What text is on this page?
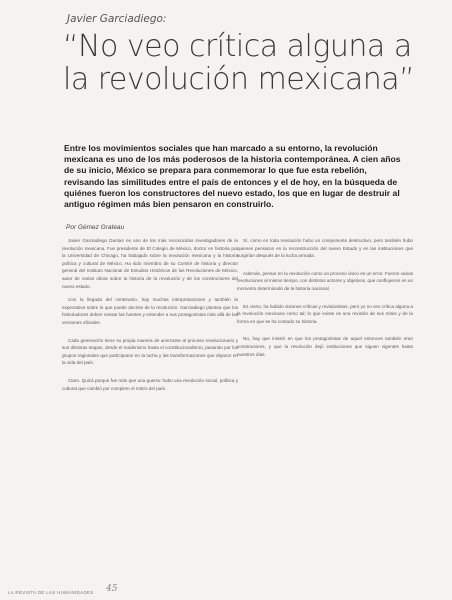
Javier Garciadiego:
“No veo crítica alguna a la revolución mexicana”

Entre los movimientos sociales que han marcado a su entorno, la revolución mexicana es uno de los más poderosos de la historia contemporánea. A cien años de su inicio, México se prepara para conmemorar lo que fue esta rebelión, revisando las similitudes entre el país de entonces y el de hoy, en la búsqueda de quiénes fueron los constructores del nuevo estado, los que en lugar de destruir al antiguo régimen más bien pensaron en construirlo.

Por Gémez Grateau

Javier Garciadiego Dantan es uno de los más reconocidos investigadores de la revolución mexicana. Fue presidente de El Colegio de México, doctor en historia por la Universidad de Chicago, ha trabajado sobre la revolución mexicana y la historia política y cultural de México. Ha sido miembro de su Comité de historia y director general del Instituto Nacional de Estudios Históricos de las Revoluciones de México, autor de varias obras sobre la historia de la revolución y de los constructores del nuevo estado.

Con la llegada del centenario, hay muchas interpretaciones y también la expectativa sobre lo que puede decirse de la revolución. Garciadiego plantea que los historiadores deben revisar las fuentes y entender a sus protagonistas más allá de las versiones oficiales.

Cada generación tiene su propia manera de acercarse al proceso revolucionario y sus distintas etapas, desde el maderismo hasta el constitucionalismo, pasando por los grupos regionales que participaron en la lucha y las transformaciones que dejaron en la vida del país.

Claro. Quizá porque fue más que una guerra: hubo una revolución social, política y cultural que cambió por completo el rostro del país.

Sí, como en toda revolución hubo un componente destructivo, pero también hubo quienes pensaron en la reconstrucción del nuevo Estado y en las instituciones que surgirían después de la lucha armada.

Además, pensar en la revolución como un proceso único es un error. Fueron varias revoluciones al mismo tiempo, con distintos actores y objetivos, que confluyeron en un momento determinado de la historia nacional.

Es cierto, ha habido visiones críticas y revisionistas, pero yo no veo crítica alguna a la revolución mexicana como tal; lo que existe es una revisión de sus mitos y de la forma en que se ha contado su historia.

No, hay que insistir en que los protagonistas de aquel entonces también eran constructores, y que la revolución dejó instituciones que siguen vigentes hasta nuestros días.

LA REVISTA DE LAS HUMANIDADES 45
